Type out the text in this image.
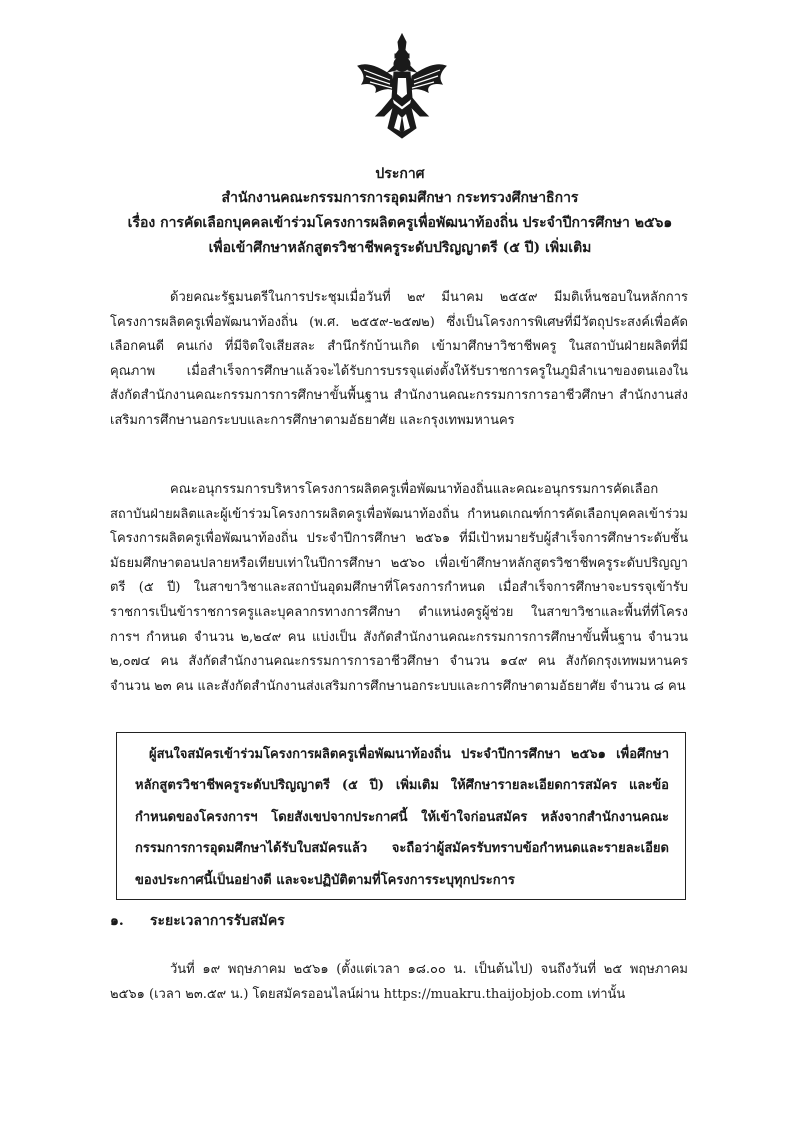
ประกาศ
สำนักงานคณะกรรมการการอุดมศึกษา กระทรวงศึกษาธิการ
เรื่อง การคัดเลือกบุคคลเข้าร่วมโครงการผลิตครูเพื่อพัฒนาท้องถิ่น ประจำปีการศึกษา ๒๕๖๑
เพื่อเข้าศึกษาหลักสูตรวิชาชีพครูระดับปริญญาตรี (๕ ปี) เพิ่มเติม

ด้วยคณะรัฐมนตรีในการประชุมเมื่อวันที่ ๒๙ มีนาคม ๒๕๕๙ มีมติเห็นชอบในหลักการโครงการผลิตครูเพื่อพัฒนาท้องถิ่น (พ.ศ. ๒๕๕๙-๒๕๗๒) ซึ่งเป็นโครงการพิเศษที่มีวัตถุประสงค์เพื่อคัดเลือกคนดี คนเก่ง ที่มีจิตใจเสียสละ สำนึกรักบ้านเกิด เข้ามาศึกษาวิชาชีพครู ในสถาบันฝ่ายผลิตที่มีคุณภาพ เมื่อสำเร็จการศึกษาแล้วจะได้รับการบรรจุแต่งตั้งให้รับราชการครูในภูมิลำเนาของตนเองในสังกัดสำนักงานคณะกรรมการการศึกษาขั้นพื้นฐาน สำนักงานคณะกรรมการการอาชีวศึกษา สำนักงานส่งเสริมการศึกษานอกระบบและการศึกษาตามอัธยาศัย และกรุงเทพมหานคร

คณะอนุกรรมการบริหารโครงการผลิตครูเพื่อพัฒนาท้องถิ่นและคณะอนุกรรมการคัดเลือกสถาบันฝ่ายผลิตและผู้เข้าร่วมโครงการผลิตครูเพื่อพัฒนาท้องถิ่น กำหนดเกณฑ์การคัดเลือกบุคคลเข้าร่วมโครงการผลิตครูเพื่อพัฒนาท้องถิ่น ประจำปีการศึกษา ๒๕๖๑ ที่มีเป้าหมายรับผู้สำเร็จการศึกษาระดับชั้นมัธยมศึกษาตอนปลายหรือเทียบเท่าในปีการศึกษา ๒๕๖๐ เพื่อเข้าศึกษาหลักสูตรวิชาชีพครูระดับปริญญาตรี (๕ ปี) ในสาขาวิชาและสถาบันอุดมศึกษาที่โครงการกำหนด เมื่อสำเร็จการศึกษาจะบรรจุเข้ารับราชการเป็นข้าราชการครูและบุคลากรทางการศึกษา ตำแหน่งครูผู้ช่วย ในสาขาวิชาและพื้นที่ที่โครงการฯ กำหนด จำนวน ๒,๒๔๙ คน แบ่งเป็น สังกัดสำนักงานคณะกรรมการการศึกษาขั้นพื้นฐาน จำนวน ๒,๐๗๔ คน สังกัดสำนักงานคณะกรรมการการอาชีวศึกษา จำนวน ๑๔๙ คน สังกัดกรุงเทพมหานคร จำนวน ๒๓ คน และสังกัดสำนักงานส่งเสริมการศึกษานอกระบบและการศึกษาตามอัธยาศัย จำนวน ๘ คน

ผู้สนใจสมัครเข้าร่วมโครงการผลิตครูเพื่อพัฒนาท้องถิ่น ประจำปีการศึกษา ๒๕๖๑ เพื่อศึกษาหลักสูตรวิชาชีพครูระดับปริญญาตรี (๕ ปี) เพิ่มเติม ให้ศึกษารายละเอียดการสมัคร และข้อกำหนดของโครงการฯ โดยสังเขปจากประกาศนี้ ให้เข้าใจก่อนสมัคร หลังจากสำนักงานคณะกรรมการการอุดมศึกษาได้รับใบสมัครแล้ว จะถือว่าผู้สมัครรับทราบข้อกำหนดและรายละเอียดของประกาศนี้เป็นอย่างดี และจะปฏิบัติตามที่โครงการระบุทุกประการ

๑. ระยะเวลาการรับสมัคร

วันที่ ๑๙ พฤษภาคม ๒๕๖๑ (ตั้งแต่เวลา ๑๘.๐๐ น. เป็นต้นไป) จนถึงวันที่ ๒๕ พฤษภาคม ๒๕๖๑ (เวลา ๒๓.๕๙ น.) โดยสมัครออนไลน์ผ่าน https://muakru.thaijobjob.com เท่านั้น
